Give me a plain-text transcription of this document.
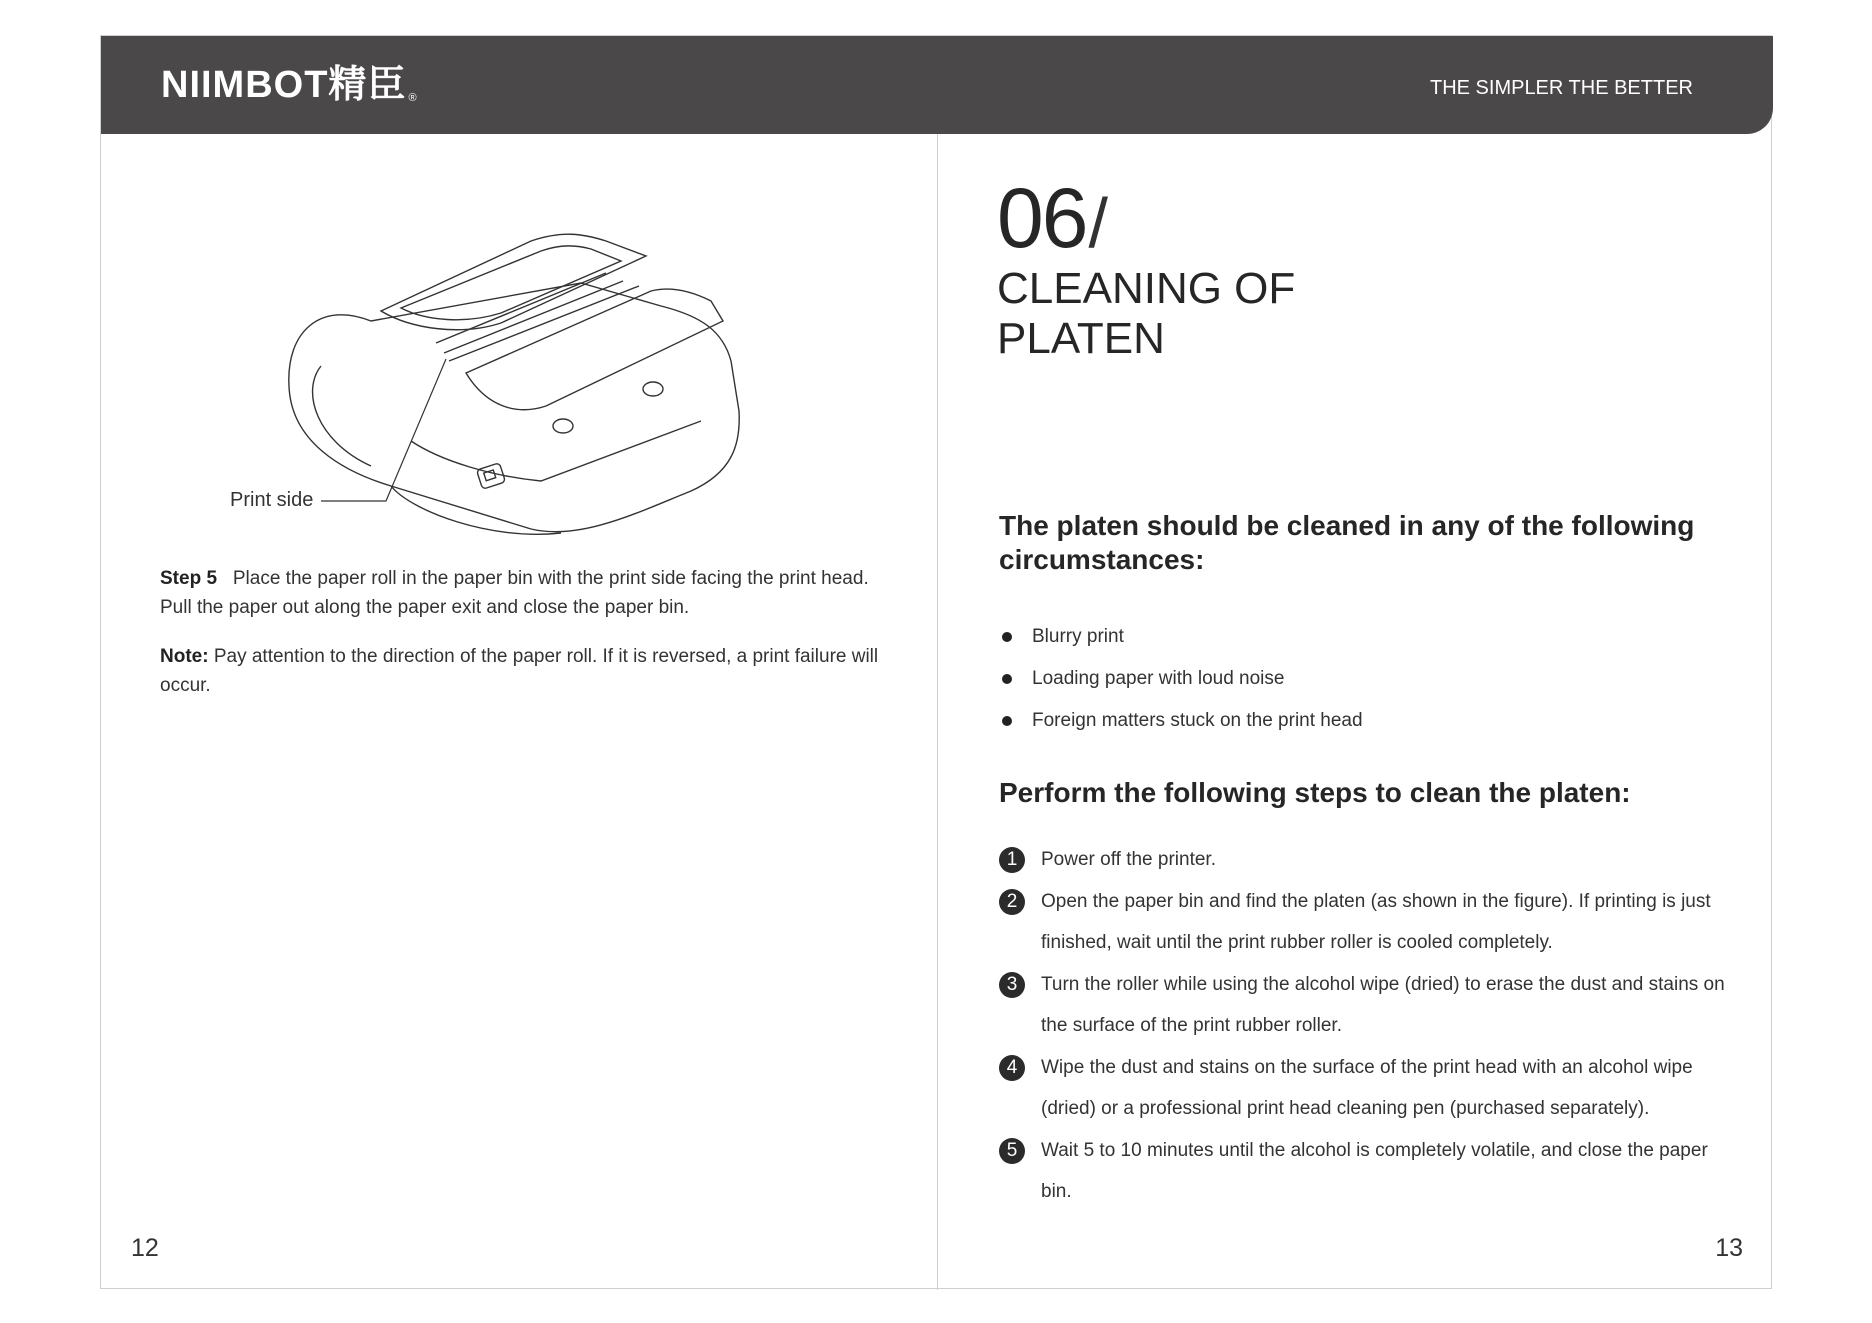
NIIMBOT精臣 ®	THE SIMPLER THE BETTER
Print side
Step 5 Place the paper roll in the paper bin with the print side facing the print head. Pull the paper out along the paper exit and close the paper bin.
Note: Pay attention to the direction of the paper roll. If it is reversed, a print failure will occur.
12
06/
CLEANING OF
PLATEN
The platen should be cleaned in any of the following circumstances:
Blurry print
Loading paper with loud noise
Foreign matters stuck on the print head
Perform the following steps to clean the platen:
1	Power off the printer.
2	Open the paper bin and find the platen (as shown in the figure). If printing is just finished, wait until the print rubber roller is cooled completely.
3	Turn the roller while using the alcohol wipe (dried) to erase the dust and stains on the surface of the print rubber roller.
4	Wipe the dust and stains on the surface of the print head with an alcohol wipe (dried) or a professional print head cleaning pen (purchased separately).
5	Wait 5 to 10 minutes until the alcohol is completely volatile, and close the paper bin.
13
